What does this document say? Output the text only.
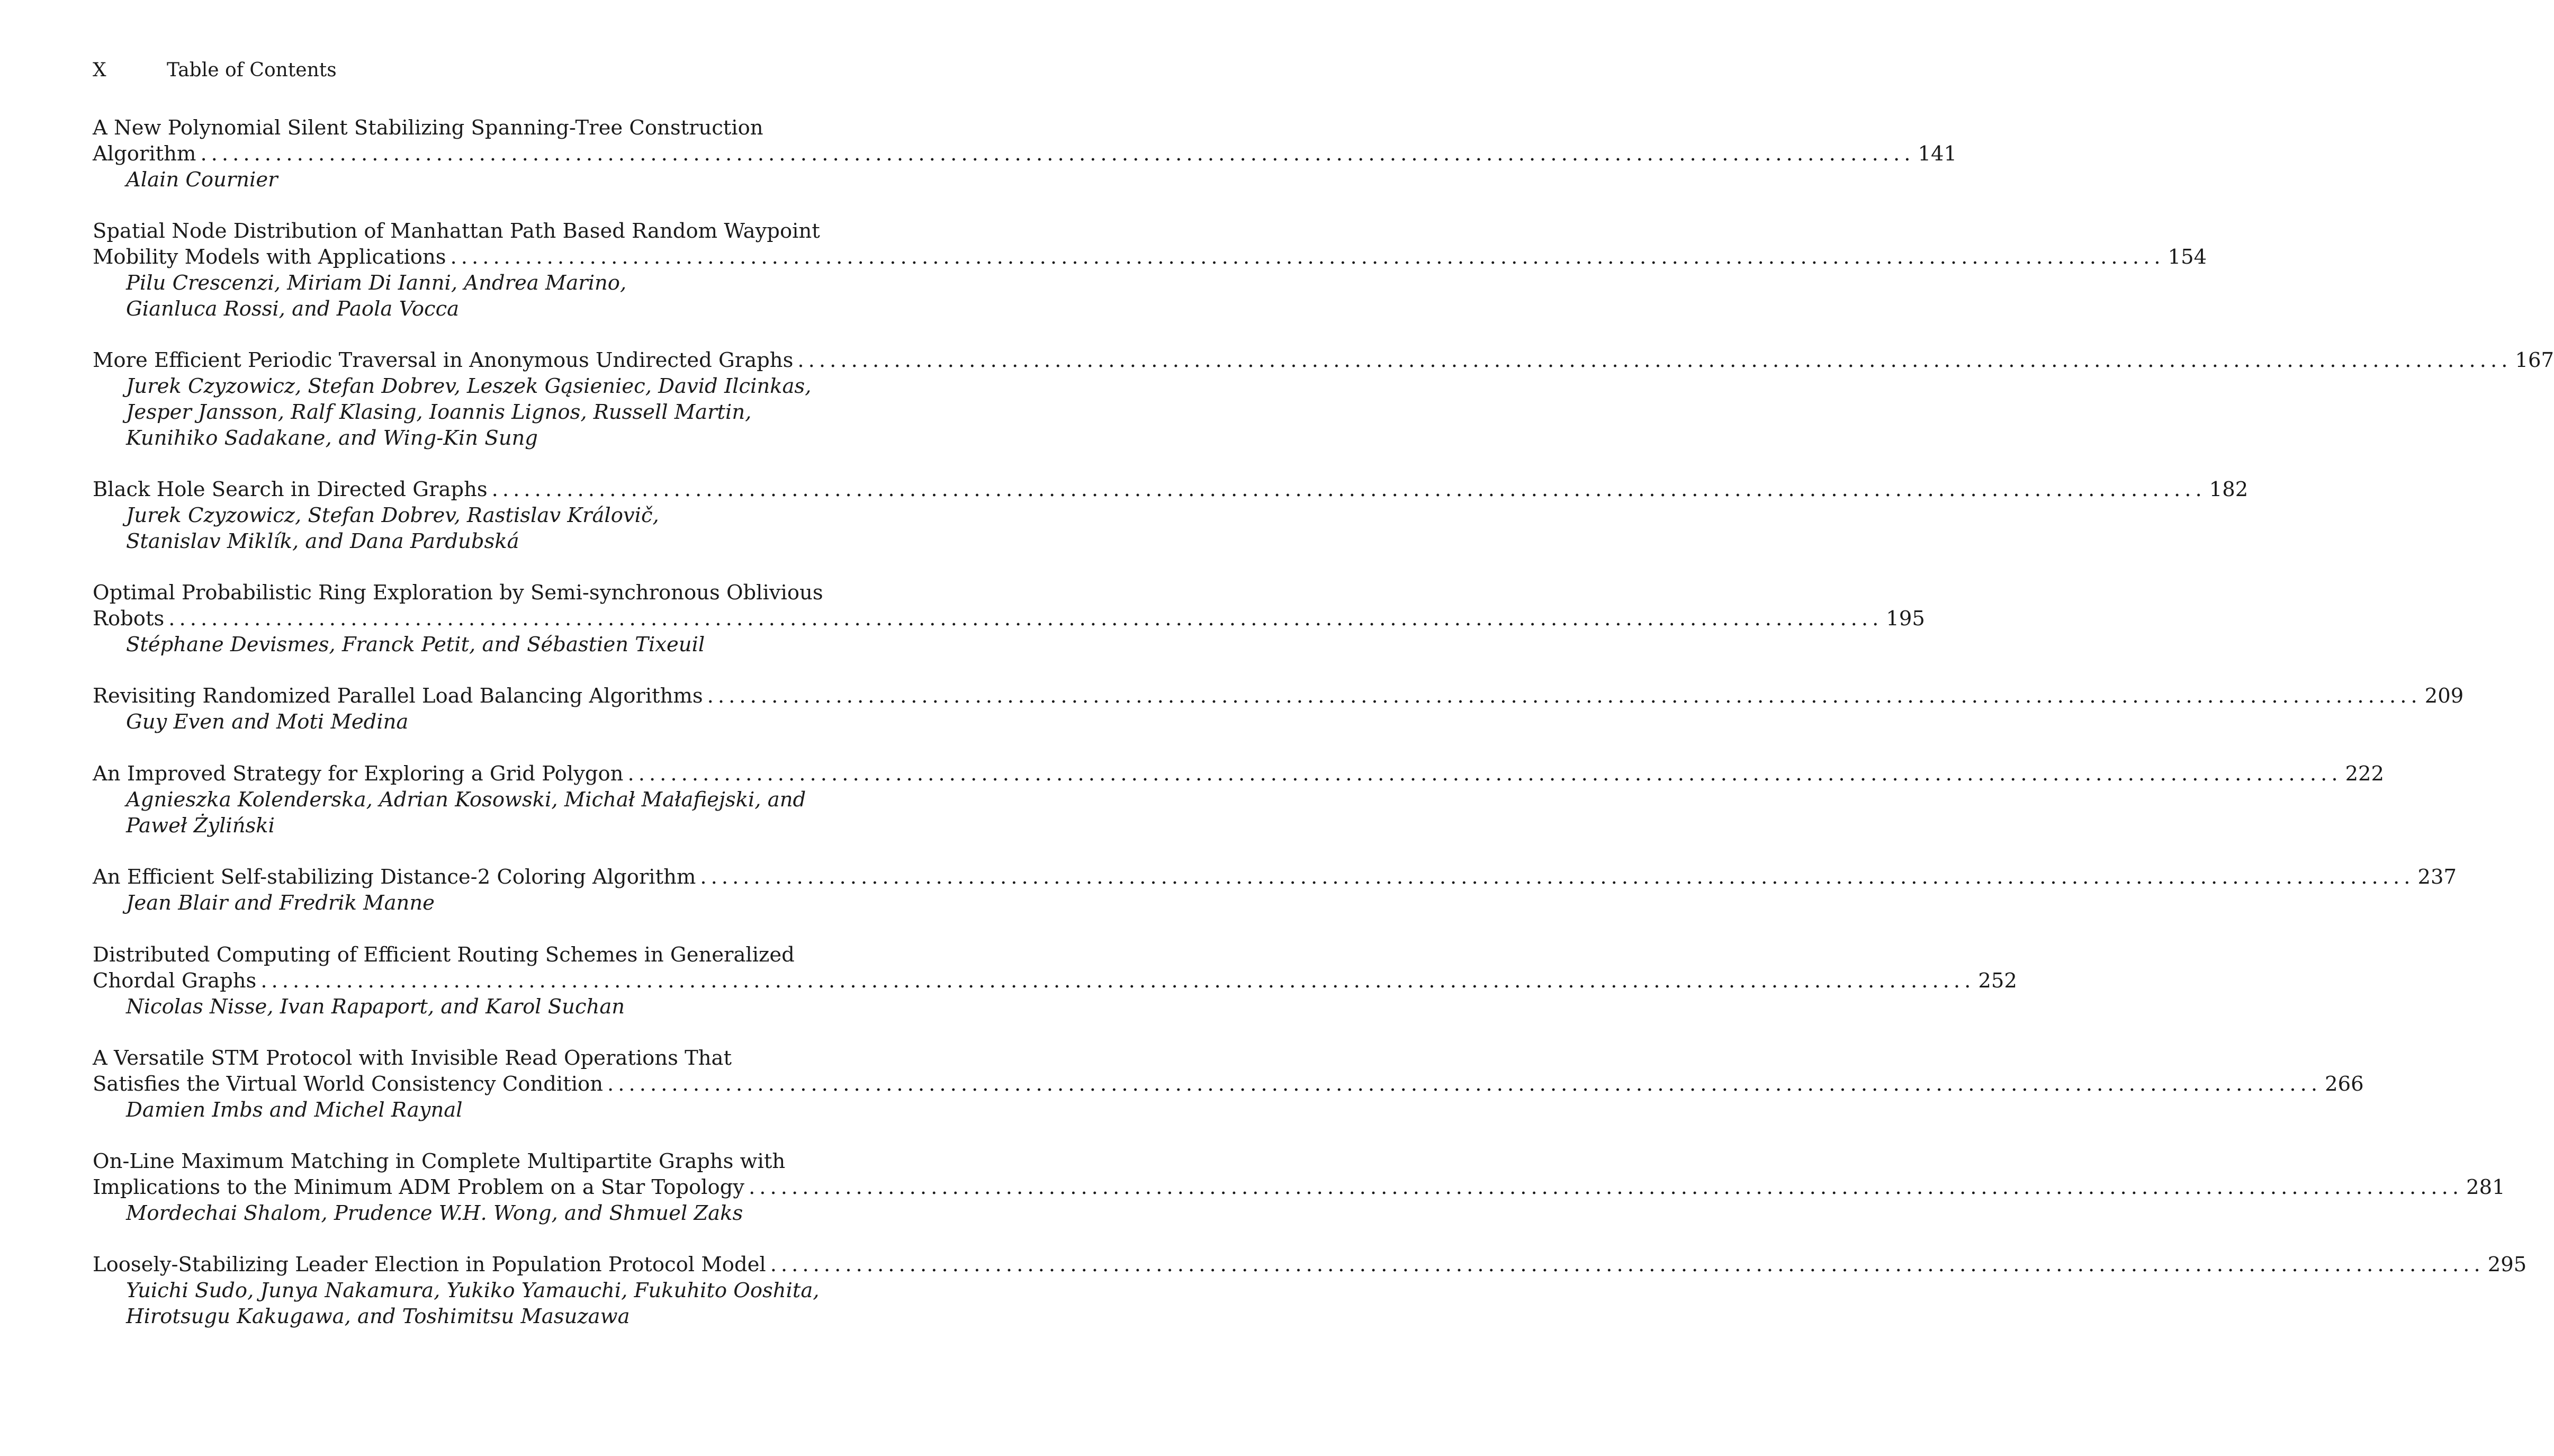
X	Table of Contents
A New Polynomial Silent Stabilizing Spanning-Tree Construction
Algorithm ................................................................................................................................................................ 141
Alain Cournier
Spatial Node Distribution of Manhattan Path Based Random Waypoint
Mobility Models with Applications ................................................................................................................................................................ 154
Pilu Crescenzi, Miriam Di Ianni, Andrea Marino,
Gianluca Rossi, and Paola Vocca
More Efficient Periodic Traversal in Anonymous Undirected Graphs ................................................................................................................................................................ 167
Jurek Czyzowicz, Stefan Dobrev, Leszek Gąsieniec, David Ilcinkas,
Jesper Jansson, Ralf Klasing, Ioannis Lignos, Russell Martin,
Kunihiko Sadakane, and Wing-Kin Sung
Black Hole Search in Directed Graphs ................................................................................................................................................................ 182
Jurek Czyzowicz, Stefan Dobrev, Rastislav Královič,
Stanislav Miklík, and Dana Pardubská
Optimal Probabilistic Ring Exploration by Semi-synchronous Oblivious
Robots ................................................................................................................................................................ 195
Stéphane Devismes, Franck Petit, and Sébastien Tixeuil
Revisiting Randomized Parallel Load Balancing Algorithms ................................................................................................................................................................ 209
Guy Even and Moti Medina
An Improved Strategy for Exploring a Grid Polygon ................................................................................................................................................................ 222
Agnieszka Kolenderska, Adrian Kosowski, Michał Małafiejski, and
Paweł Żyliński
An Efficient Self-stabilizing Distance-2 Coloring Algorithm ................................................................................................................................................................ 237
Jean Blair and Fredrik Manne
Distributed Computing of Efficient Routing Schemes in Generalized
Chordal Graphs ................................................................................................................................................................ 252
Nicolas Nisse, Ivan Rapaport, and Karol Suchan
A Versatile STM Protocol with Invisible Read Operations That
Satisfies the Virtual World Consistency Condition ................................................................................................................................................................ 266
Damien Imbs and Michel Raynal
On-Line Maximum Matching in Complete Multipartite Graphs with
Implications to the Minimum ADM Problem on a Star Topology ................................................................................................................................................................ 281
Mordechai Shalom, Prudence W.H. Wong, and Shmuel Zaks
Loosely-Stabilizing Leader Election in Population Protocol Model ................................................................................................................................................................ 295
Yuichi Sudo, Junya Nakamura, Yukiko Yamauchi, Fukuhito Ooshita,
Hirotsugu Kakugawa, and Toshimitsu Masuzawa
